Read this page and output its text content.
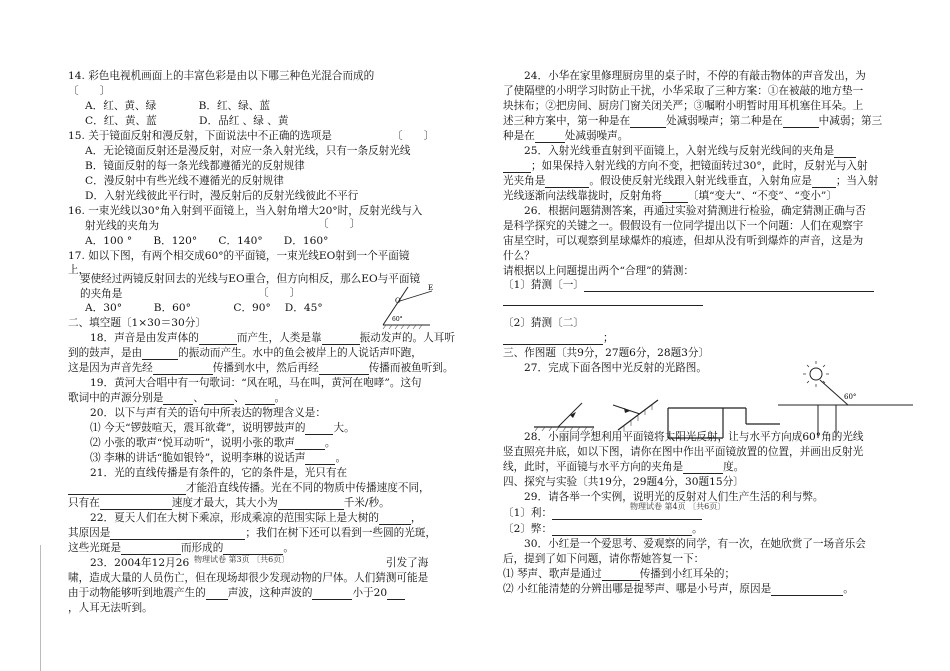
14. 彩色电视机画面上的丰富色彩是由以下哪三种色光混合而成的
〔　　〕
A．红、黄、绿　　　　B．红、绿、蓝
C．红、黄、蓝　　　　D．品红 、绿 、黄
15. 关于镜面反射和漫反射，下面说法中不正确的选项是	〔　　〕
A．无论镜面反射还是漫反射，对应一条入射光线，只有一条反射光线
B．镜面反射的每一条光线都遵循光的反射规律
C．漫反射中有些光线不遵循光的反射规律
D．入射光线彼此平行时，漫反射后的反射光线彼此不平行
16. 一束光线以30°角入射到平面镜上，当入射角增大20°时，反射光线与入
射光线的夹角为	〔　　〕
A．100 °　　B．120°　　C．140°　　D．160°
17. 如以下图，有两个相交成60°的平面镜，一束光线EO射到一个平面镜
上，
要使经过两镜反射回去的光线与EO重合，但方向相反，那么EO与平面镜
的夹角是	〔　　〕
A．30°　　　B．60°　　　　C．90°　 D．45°
E
O
60°
二、填空题〔1×30＝30分〕
18．声音是由发声体的	而产生，人类是靠	振动发声的。人耳听
到的鼓声，是由	的振动而产生。水中的鱼会被岸上的人说话声吓跑，
这是因为声音先经	传播到水中，然后再经	传播而被鱼听到。
19．黄河大合唱中有一句歌词：“风在吼，马在叫，黄河在咆哮”。这句
歌词中的声源分别是	、	、	。
20．以下与声有关的语句中所表达的物理含义是：
⑴ 今天“锣鼓喧天，震耳欲聋”，说明锣鼓声的	大。
⑵ 小张的歌声“悦耳动听”，说明小张的歌声	。
⑶ 李琳的讲话“脆如银铃”，说明李琳的说话声	。
21．光的直线传播是有条件的，它的条件是，光只有在
才能沿直线传播。光在不同的物质中传播速度不同，
只有在	速度才最大，其大小为	千米/秒。
22．夏天人们在大树下乘凉，形成乘凉的范围实际上是大树的	，
其原因是	；我们在树下还可以看到一些圆的光斑，
这些光斑是	而形成的	。
23．2004年12月26 物理试卷 第3页 〔共6页〕	引发了海
啸，造成大量的人员伤亡，但在现场却很少发现动物的尸体。人们猜测可能是
由于动物能够听到地震产生的 声波，这种声波的	小于20
，人耳无法听到。
24．小华在家里修理厨房里的桌子时，不停的有敲击物体的声音发出，为
了使隔壁的小明学习时防止干扰，小华采取了三种方案：①在被敲的地方垫一
块抹布；②把房间、厨房门窗关闭关严；③嘱咐小明暂时用耳机塞住耳朵。上
述三种方案中，第一种是在	处减弱噪声；第二种是在	中减弱；第三
种是在	处减弱噪声。
25．入射光线垂直射到平面镜上，入射光线与反射光线间的夹角是
；如果保持入射光线的方向不变，把镜面转过30°，此时，反射光与入射
光夹角是	。假设使反射光线跟入射光线垂直，入射角应是 ；当入射
光线逐渐向法线靠拢时，反射角将 〔填“变大”、“不变”、“变小”〕
26．根据问题猜测答案，再通过实验对猜测进行检验，确定猜测正确与否
是科学探究的关键之一。假假设有一位同学提出以下一个问题：人们在观察宇
宙星空时，可以观察到星球爆炸的痕迹，但却从没有听到爆炸的声音，这是为
什么？
请根据以上问题提出两个“合理”的猜测：
〔1〕猜测〔一〕
〔2〕猜测〔二〕
；
三、作图题〔共9分，27题6分，28题3分〕
27．完成下面各图中光反射的光路图。
60°
28．小丽同学想利用平面镜将太阳光反射，让与水平方向成60°角的光线
竖直照亮井底，如以下图，请你在图中作出平面镜放置的位置，并画出反射光
线，此时，平面镜与水平方向的夹角是	度。
四、探究与实验〔共19分，29题4分，30题15分〕
29．请各举一个实例，说明光的反射对人们生产生活的利与弊。
物理试卷 第4页 〔共6页〕
〔1〕利：
〔2〕弊：	。
30．小红是一个爱思考、爱观察的同学，有一次，在她欣赏了一场音乐会
后，提到了如下问题，请你帮她答复一下：
⑴ 琴声、歌声是通过	传播到小红耳朵的；
⑵ 小红能清楚的分辨出哪是提琴声、哪是小号声，原因是	。
